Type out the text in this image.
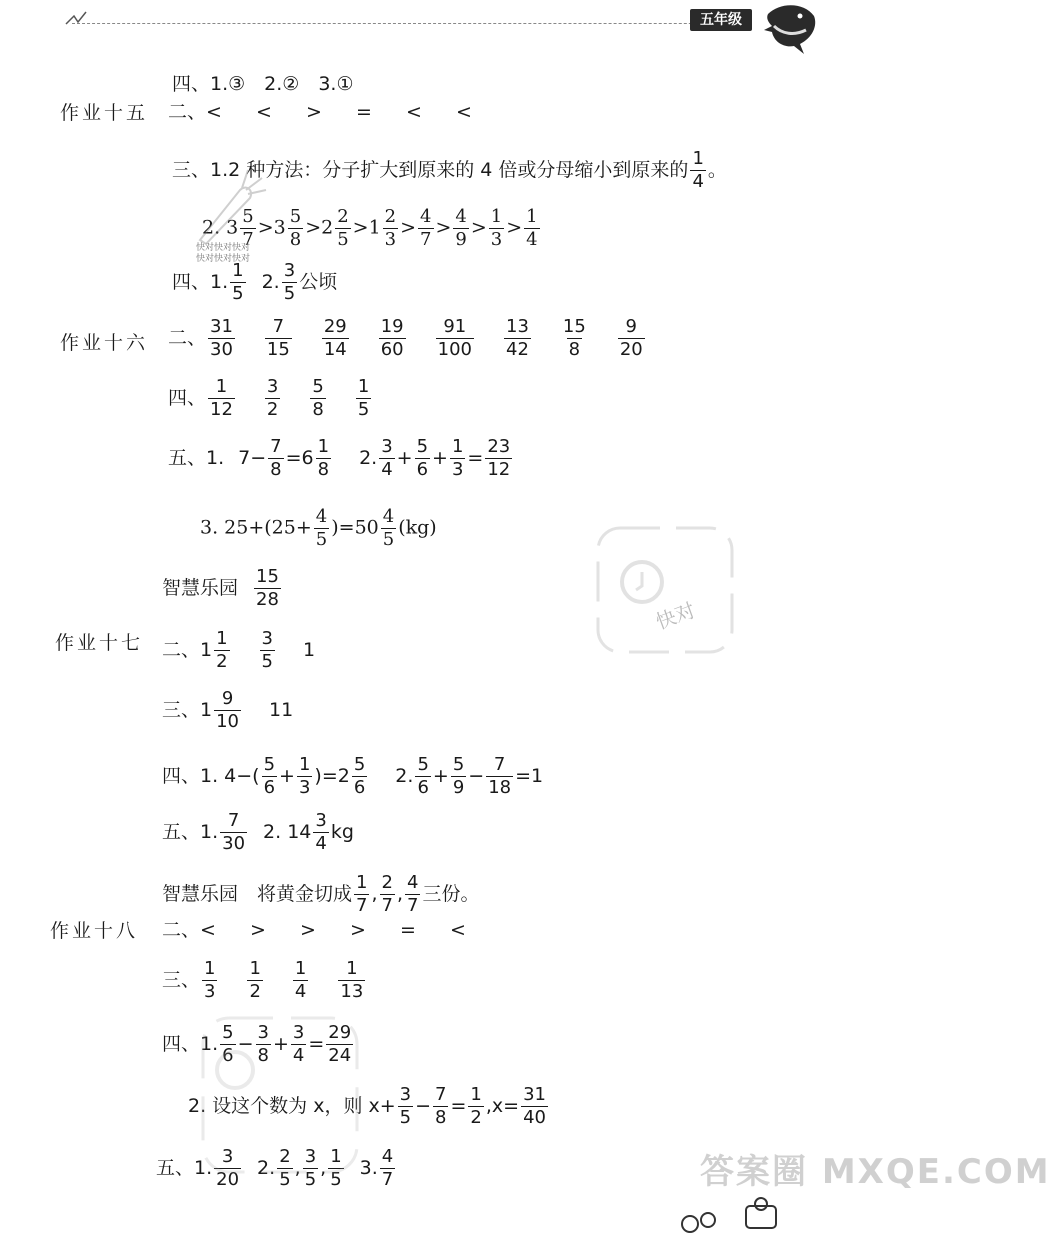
五年级
作业十五
作业十六
作业十七
作业十八
四、1.③　2.②　3.①
二、< < > = < <
三、1.2 种方法：分子扩大到原来的 4 倍或分母缩小到原来的 $\frac{1}{4}$ 。
2. $3 \frac{5}{7} >3 \frac{5}{8} >2 \frac{2}{5} >1 \frac{2}{3} > \frac{4}{7} > \frac{4}{9} > \frac{1}{3} > \frac{1}{4}$
快对快对快对
快对快对快对
四、1. $\frac{1}{5} 2$. $\frac{3}{5}$ 公顷
二、 $\frac{31}{30} \frac{7}{15} \frac{29}{14} \frac{19}{60} \frac{91}{100} \frac{13}{42} \frac{15}{8} \frac{9}{20}$
四、 $\frac{1}{12} \frac{3}{2} \frac{5}{8} \frac{1}{5}$
五、1. $7- \frac{7}{8} =6 \frac{1}{8} 2$. $\frac{3}{4} + \frac{5}{6} + \frac{1}{3} = \frac{23}{12}$
3. $25+(25+ \frac{4}{5} )=50 \frac{4}{5} (kg)$
快对
智慧乐园 $\frac{15}{28}$
二、$1 \frac{1}{2} \frac{3}{5} 1$
三、$1 \frac{9}{10} 11$
四、1. $4-( \frac{5}{6} + \frac{1}{3} )=2 \frac{5}{6} 2$. $\frac{5}{6} + \frac{5}{9} - \frac{7}{18} =1$
五、1. $\frac{7}{30} 2$. $14 \frac{3}{4}$ kg
智慧乐园　将黄金切成 $\frac{1}{7}$ , $\frac{2}{7}$ , $\frac{4}{7}$ 三份。
二、< > > > = <
三、 $\frac{1}{3} \frac{1}{2} \frac{1}{4} \frac{1}{13}$
四、1. $\frac{5}{6} - \frac{3}{8} + \frac{3}{4} = \frac{29}{24}$
2. 设这个数为 x，则 $x+ \frac{3}{5} - \frac{7}{8} = \frac{1}{2} ,x= \frac{31}{40}$
五、1. $\frac{3}{20} 2$. $\frac{2}{5}$ , $\frac{3}{5}$ , $\frac{1}{5} 3$. $\frac{4}{7}$	答案圈 MXQE.COM
